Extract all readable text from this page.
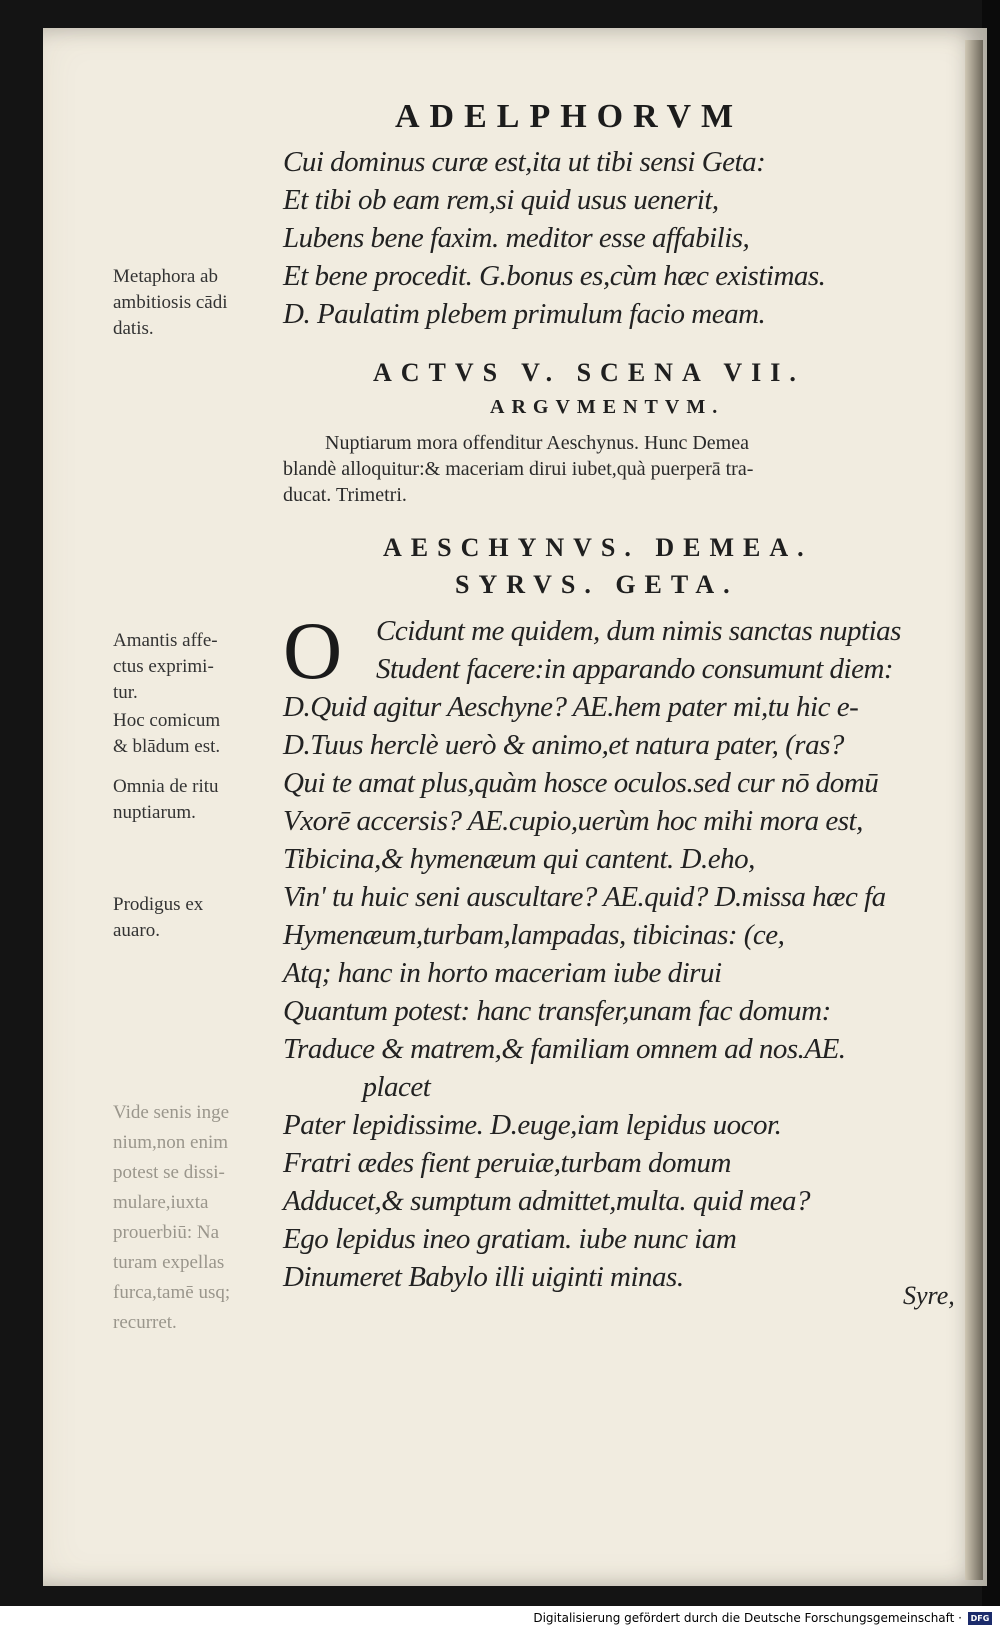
ADELPHORVM
Cui dominus curæ est,ita ut tibi sensi Geta:
Et tibi ob eam rem,si quid usus uenerit,
Lubens bene faxim. meditor esse affabilis,
Et bene procedit. G.bonus es,cùm hæc existimas.
D. Paulatim plebem primulum facio meam.
Metaphora ab
ambitiosis cādi
datis.
ACTVS V. SCENA VII.
ARGVMENTVM.
Nuptiarum mora offenditur Aeschynus. Hunc Demea
blandè alloquitur:& maceriam dirui iubet,quà puerperā tra-
ducat. Trimetri.
AESCHYNVS. DEMEA.
SYRVS. GETA.
O Ccidunt me quidem, dum nimis sanctas nuptias
Student facere:in apparando consumunt diem:
D.Quid agitur Aeschyne? AE.hem pater mi,tu hic e-
D.Tuus herclè uerò & animo,et natura pater, (ras?
Qui te amat plus,quàm hosce oculos.sed cur nō domū
Vxorē accersis? AE.cupio,uerùm hoc mihi mora est,
Tibicina,& hymenæum qui cantent. D.eho,
Vin' tu huic seni auscultare? AE.quid? D.missa hæc fa
Hymenæum,turbam,lampadas, tibicinas: (ce,
Atq; hanc in horto maceriam iube dirui
Quantum potest: hanc transfer,unam fac domum:
Traduce & matrem,& familiam omnem ad nos.AE.
placet
Pater lepidissime. D.euge,iam lepidus uocor.
Fratri ædes fient peruiæ,turbam domum
Adducet,& sumptum admittet,multa. quid mea?
Ego lepidus ineo gratiam. iube nunc iam
Dinumeret Babylo illi uiginti minas.
Amantis affe-
ctus exprimi-
tur.
Hoc comicum
& blādum est.
Omnia de ritu
nuptiarum.
Prodigus ex
auaro.
Vide senis inge
nium,non enim
potest se dissi-
mulare,iuxta
prouerbiū: Na
turam expellas
furca,tamē usq;
recurret.
Syre,
Digitalisierung gefördert durch die Deutsche Forschungsgemeinschaft ·	DFG
